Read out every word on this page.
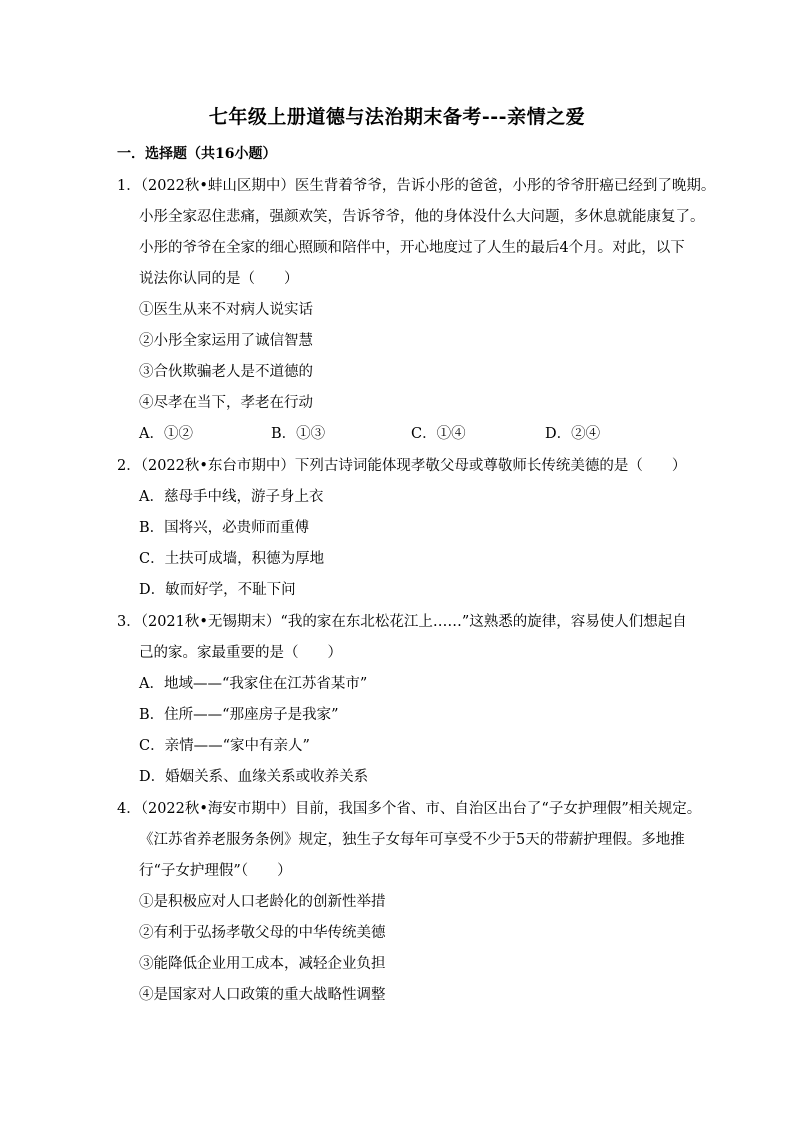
七年级上册道德与法治期末备考---亲情之爱
一．选择题（共16小题）
1．（2022秋•蚌山区期中）医生背着爷爷，告诉小彤的爸爸，小彤的爷爷肝癌已经到了晚期。
小彤全家忍住悲痛，强颜欢笑，告诉爷爷，他的身体没什么大问题，多休息就能康复了。
小彤的爷爷在全家的细心照顾和陪伴中，开心地度过了人生的最后4个月。对此，以下
说法你认同的是（　　）
①医生从来不对病人说实话
②小彤全家运用了诚信智慧
③合伙欺骗老人是不道德的
④尽孝在当下，孝老在行动
A．①②	B．①③	C．①④	D．②④
2．（2022秋•东台市期中）下列古诗词能体现孝敬父母或尊敬师长传统美德的是（　　）
A．慈母手中线，游子身上衣
B．国将兴，必贵师而重傅
C．土扶可成墙，积德为厚地
D．敏而好学，不耻下问
3．（2021秋•无锡期末）“我的家在东北松花江上……”这熟悉的旋律，容易使人们想起自
己的家。家最重要的是（　　）
A．地域——“我家住在江苏省某市”
B．住所——“那座房子是我家”
C．亲情——“家中有亲人”
D．婚姻关系、血缘关系或收养关系
4．（2022秋•海安市期中）目前，我国多个省、市、自治区出台了“子女护理假”相关规定。
《江苏省养老服务条例》规定，独生子女每年可享受不少于5天的带薪护理假。多地推
行“子女护理假”（　　）
①是积极应对人口老龄化的创新性举措
②有利于弘扬孝敬父母的中华传统美德
③能降低企业用工成本，减轻企业负担
④是国家对人口政策的重大战略性调整
